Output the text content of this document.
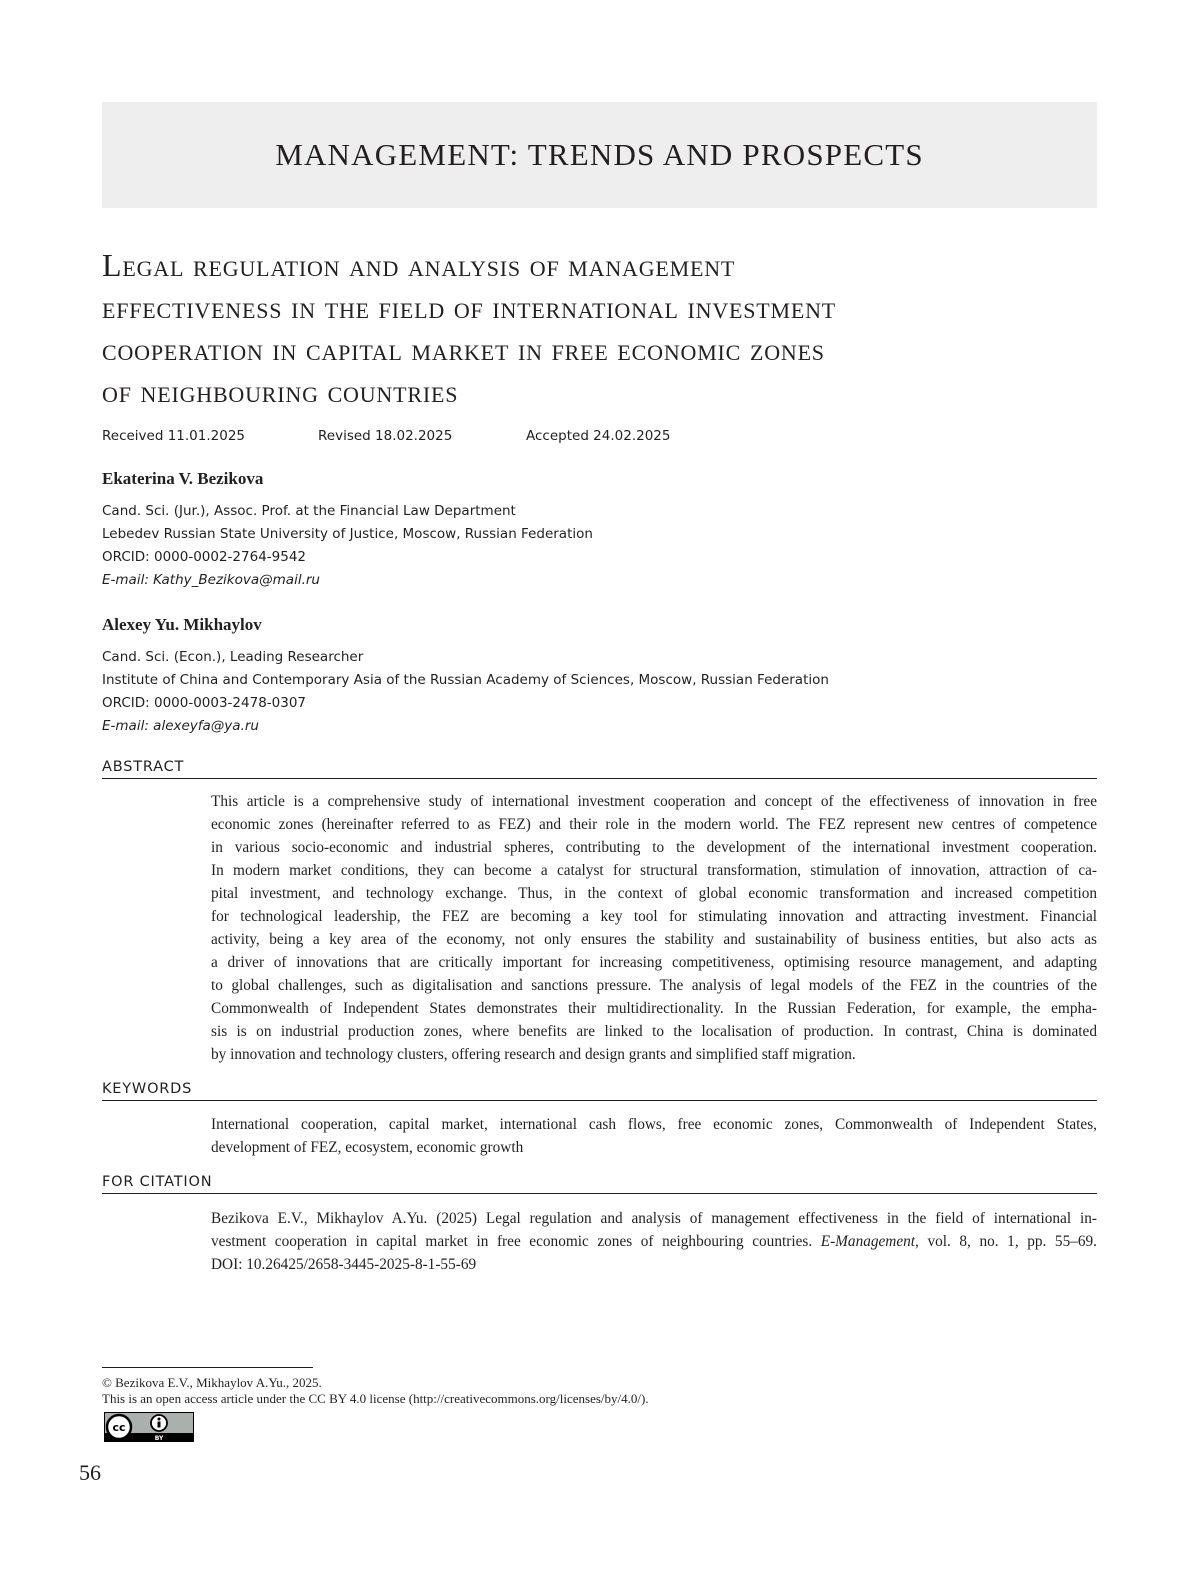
MANAGEMENT: TRENDS AND PROSPECTS
Legal regulation and analysis of management
effectiveness in the field of international investment
cooperation in capital market in free economic zones
of neighbouring countries
Received 11.01.2025	Revised 18.02.2025	Accepted 24.02.2025
Ekaterina V. Bezikova
Cand. Sci. (Jur.), Assoc. Prof. at the Financial Law Department
Lebedev Russian State University of Justice, Moscow, Russian Federation
ORCID: 0000-0002-2764-9542
E-mail: Kathy_Bezikova@mail.ru
Alexey Yu. Mikhaylov
Cand. Sci. (Econ.), Leading Researcher
Institute of China and Contemporary Asia of the Russian Academy of Sciences, Moscow, Russian Federation
ORCID: 0000-0003-2478-0307
E-mail: alexeyfa@ya.ru
ABSTRACT
This article is a comprehensive study of international investment cooperation and concept of the effectiveness of innovation in free
economic zones (hereinafter referred to as FEZ) and their role in the modern world. The FEZ represent new centres of competence
in various socio-economic and industrial spheres, contributing to the development of the international investment cooperation.
In modern market conditions, they can become a catalyst for structural transformation, stimulation of innovation, attraction of ca-
pital investment, and technology exchange. Thus, in the context of global economic transformation and increased competition
for technological leadership, the FEZ are becoming a key tool for stimulating innovation and attracting investment. Financial
activity, being a key area of the economy, not only ensures the stability and sustainability of business entities, but also acts as
a driver of innovations that are critically important for increasing competitiveness, optimising resource management, and adapting
to global challenges, such as digitalisation and sanctions pressure. The analysis of legal models of the FEZ in the countries of the
Commonwealth of Independent States demonstrates their multidirectionality. In the Russian Federation, for example, the empha-
sis is on industrial production zones, where benefits are linked to the localisation of production. In contrast, China is dominated
by innovation and technology clusters, offering research and design grants and simplified staff migration.
KEYWORDS
International cooperation, capital market, international cash flows, free economic zones, Commonwealth of Independent States,
development of FEZ, ecosystem, economic growth
FOR CITATION
Bezikova E.V., Mikhaylov A.Yu. (2025) Legal regulation and analysis of management effectiveness in the field of international in-
vestment cooperation in capital market in free economic zones of neighbouring countries. E-Management, vol. 8, no. 1, pp. 55–69.
DOI: 10.26425/2658-3445-2025-8-1-55-69
© Bezikova E.V., Mikhaylov A.Yu., 2025.
This is an open access article under the CC BY 4.0 license (http://creativecommons.org/licenses/by/4.0/).
cc
BY
56
